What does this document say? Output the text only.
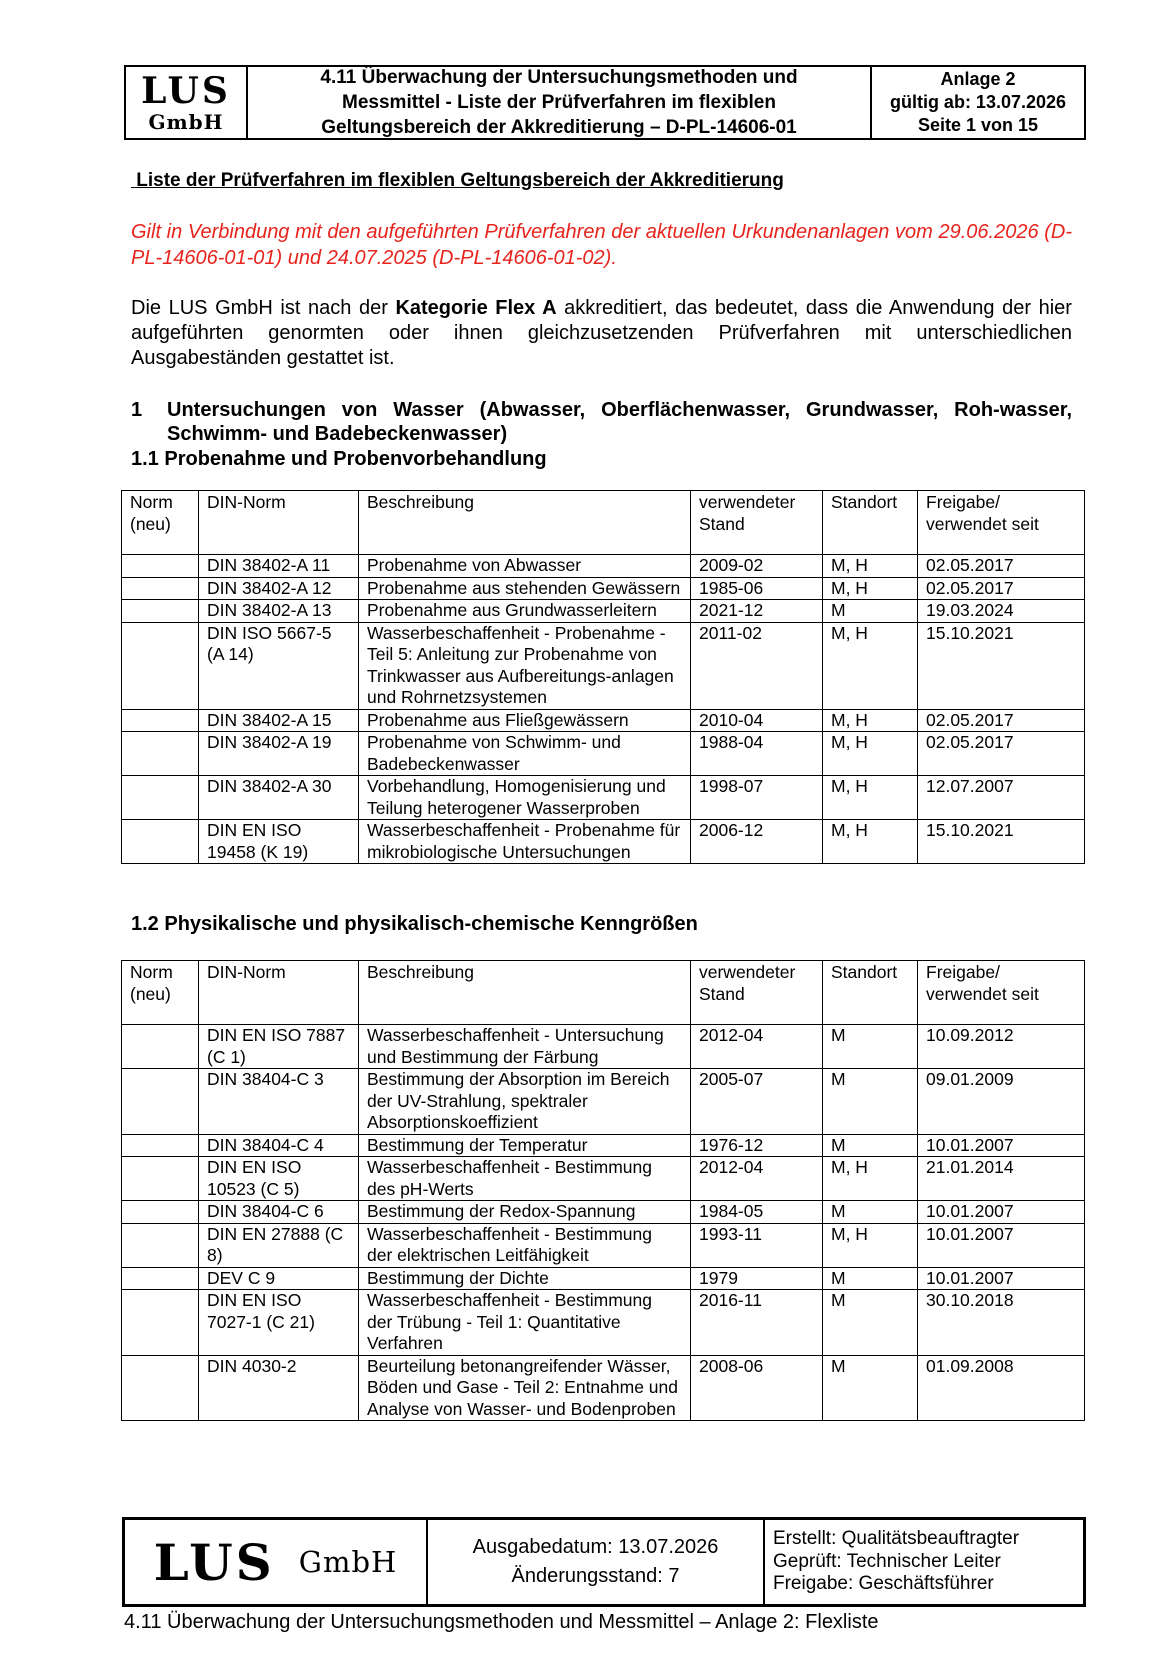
LUS
GmbH
4.11 Überwachung der Untersuchungsmethoden und
Messmittel - Liste der Prüfverfahren im flexiblen
Geltungsbereich der Akkreditierung – D-PL-14606-01
Anlage 2
gültig ab: 13.07.2026
Seite 1 von 15
Liste der Prüfverfahren im flexiblen Geltungsbereich der Akkreditierung
Gilt in Verbindung mit den aufgeführten Prüfverfahren der aktuellen Urkundenanlagen vom 29.06.2026 (D-PL-14606-01-01) und 24.07.2025 (D-PL-14606-01-02).
Die LUS GmbH ist nach der Kategorie Flex A akkreditiert, das bedeutet, dass die Anwendung der hier aufgeführten genormten oder ihnen gleichzusetzenden Prüfverfahren mit unterschiedlichen Ausgabeständen gestattet ist.
1	Untersuchungen von Wasser (Abwasser, Oberflächenwasser, Grundwasser, Roh-wasser, Schwimm- und Badebeckenwasser)
1.1 Probenahme und Probenvorbehandlung
Norm (neu)	DIN-Norm	Beschreibung	verwendeter Stand	Standort	Freigabe/ verwendet seit
	DIN 38402-A 11	Probenahme von Abwasser	2009-02	M, H	02.05.2017
	DIN 38402-A 12	Probenahme aus stehenden Gewässern	1985-06	M, H	02.05.2017
	DIN 38402-A 13	Probenahme aus Grundwasserleitern	2021-12	M	19.03.2024
	DIN ISO 5667-5 (A 14)	Wasserbeschaffenheit - Probenahme - Teil 5: Anleitung zur Probenahme von Trinkwasser aus Aufbereitungs-anlagen und Rohrnetzsystemen	2011-02	M, H	15.10.2021
	DIN 38402-A 15	Probenahme aus Fließgewässern	2010-04	M, H	02.05.2017
	DIN 38402-A 19	Probenahme von Schwimm- und Badebeckenwasser	1988-04	M, H	02.05.2017
	DIN 38402-A 30	Vorbehandlung, Homogenisierung und Teilung heterogener Wasserproben	1998-07	M, H	12.07.2007
	DIN EN ISO 19458 (K 19)	Wasserbeschaffenheit - Probenahme für mikrobiologische Untersuchungen	2006-12	M, H	15.10.2021
1.2 Physikalische und physikalisch-chemische Kenngrößen
Norm (neu)	DIN-Norm	Beschreibung	verwendeter Stand	Standort	Freigabe/ verwendet seit
	DIN EN ISO 7887 (C 1)	Wasserbeschaffenheit - Untersuchung und Bestimmung der Färbung	2012-04	M	10.09.2012
	DIN 38404-C 3	Bestimmung der Absorption im Bereich der UV-Strahlung, spektraler Absorptionskoeffizient	2005-07	M	09.01.2009
	DIN 38404-C 4	Bestimmung der Temperatur	1976-12	M	10.01.2007
	DIN EN ISO 10523 (C 5)	Wasserbeschaffenheit - Bestimmung des pH-Werts	2012-04	M, H	21.01.2014
	DIN 38404-C 6	Bestimmung der Redox-Spannung	1984-05	M	10.01.2007
	DIN EN 27888 (C 8)	Wasserbeschaffenheit - Bestimmung der elektrischen Leitfähigkeit	1993-11	M, H	10.01.2007
	DEV C 9	Bestimmung der Dichte	1979	M	10.01.2007
	DIN EN ISO 7027-1 (C 21)	Wasserbeschaffenheit - Bestimmung der Trübung - Teil 1: Quantitative Verfahren	2016-11	M	30.10.2018
	DIN 4030-2	Beurteilung betonangreifender Wässer, Böden und Gase - Teil 2: Entnahme und Analyse von Wasser- und Bodenproben	2008-06	M	01.09.2008
LUS GmbH	Ausgabedatum: 13.07.2026
Änderungsstand: 7
Erstellt: Qualitätsbeauftragter
Geprüft: Technischer Leiter
Freigabe: Geschäftsführer
4.11 Überwachung der Untersuchungsmethoden und Messmittel – Anlage 2: Flexliste
